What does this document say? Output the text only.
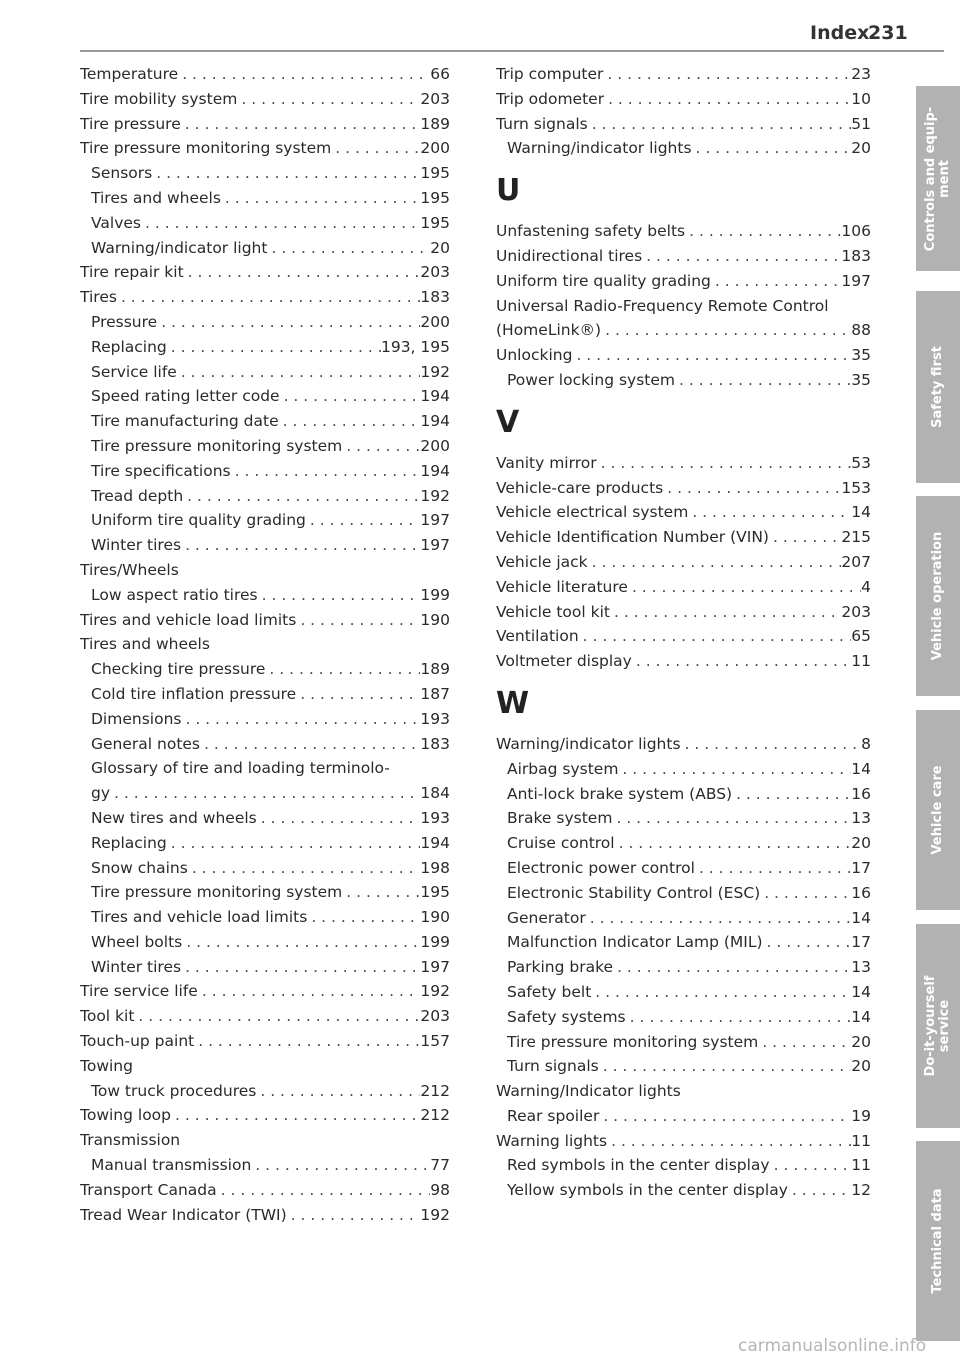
Index
231
Temperature . . .	66
Tire mobility system . . .	203
Tire pressure . . .	189
Tire pressure monitoring system . . .	200
Sensors . . .	195
Tires and wheels . . .	195
Valves . . .	195
Warning/indicator light . . .	20
Tire repair kit . . .	203
Tires . . .	183
Pressure . . .	200
Replacing . . .	193, 195
Service life . . .	192
Speed rating letter code . . .	194
Tire manufacturing date . . .	194
Tire pressure monitoring system . . .	200
Tire specifications . . .	194
Tread depth . . .	192
Uniform tire quality grading . . .	197
Winter tires . . .	197
Tires/Wheels
Low aspect ratio tires . . .	199
Tires and vehicle load limits . . .	190
Tires and wheels
Checking tire pressure . . .	189
Cold tire inflation pressure . . .	187
Dimensions . . .	193
General notes . . .	183
Glossary of tire and loading terminolo-
gy . . .	184
New tires and wheels . . .	193
Replacing . . .	194
Snow chains . . .	198
Tire pressure monitoring system . . .	195
Tires and vehicle load limits . . .	190
Wheel bolts . . .	199
Winter tires . . .	197
Tire service life . . .	192
Tool kit . . .	203
Touch-up paint . . .	157
Towing
Tow truck procedures . . .	212
Towing loop . . .	212
Transmission
Manual transmission . . .	77
Transport Canada . . .	98
Tread Wear Indicator (TWI) . . .	192
Trip computer . . .	23
Trip odometer . . .	10
Turn signals . . .	51
Warning/indicator lights . . .	20
U
Unfastening safety belts . . .	106
Unidirectional tires . . .	183
Uniform tire quality grading . . .	197
Universal Radio-Frequency Remote Control
(HomeLink®) . . .	88
Unlocking . . .	35
Power locking system . . .	35
V
Vanity mirror . . .	53
Vehicle-care products . . .	153
Vehicle electrical system . . .	14
Vehicle Identification Number (VIN) . . .	215
Vehicle jack . . .	207
Vehicle literature . . .	4
Vehicle tool kit . . .	203
Ventilation . . .	65
Voltmeter display . . .	11
W
Warning/indicator lights . . .	8
Airbag system . . .	14
Anti-lock brake system (ABS) . . .	16
Brake system . . .	13
Cruise control . . .	20
Electronic power control . . .	17
Electronic Stability Control (ESC) . . .	16
Generator . . .	14
Malfunction Indicator Lamp (MIL) . . .	17
Parking brake . . .	13
Safety belt . . .	14
Safety systems . . .	14
Tire pressure monitoring system . . .	20
Turn signals . . .	20
Warning/Indicator lights
Rear spoiler . . .	19
Warning lights . . .	11
Red symbols in the center display . . .	11
Yellow symbols in the center display . . .	12
Controls and equip-
ment
Safety first
Vehicle operation
Vehicle care
Do-it-yourself
service
Technical data
carmanualsonline.info
